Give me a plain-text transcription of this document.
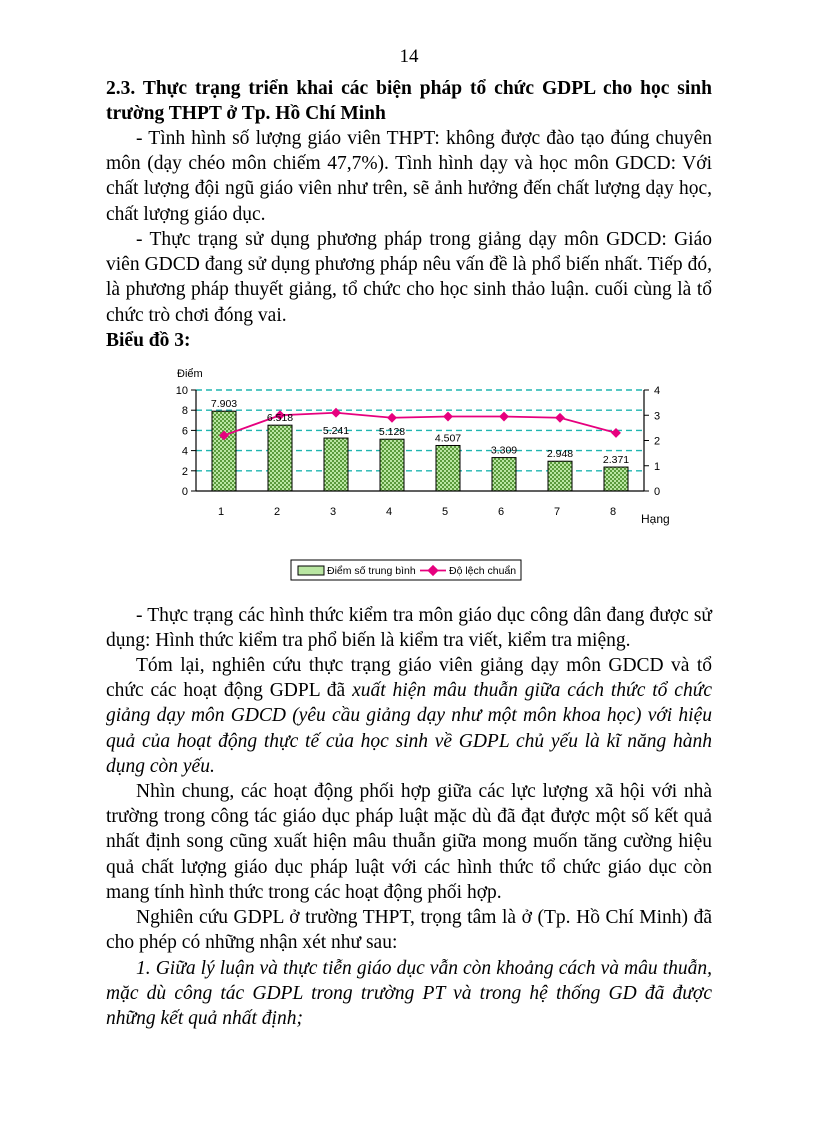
14
2.3. Thực trạng triển khai các biện pháp tổ chức GDPL cho học sinh
trường THPT ở Tp. Hồ Chí Minh

- Tình hình số lượng giáo viên THPT: không được đào tạo đúng chuyên môn (dạy chéo môn chiếm 47,7%). Tình hình dạy và học môn GDCD: Với chất lượng đội ngũ giáo viên như trên, sẽ ảnh hưởng đến chất lượng dạy học, chất lượng giáo dục.

- Thực trạng sử dụng phương pháp trong giảng dạy môn GDCD: Giáo viên GDCD đang sử dụng phương pháp nêu vấn đề là phổ biến nhất. Tiếp đó, là phương pháp thuyết giảng, tổ chức cho học sinh thảo luận. cuối cùng là tổ chức trò chơi đóng vai.

Biểu đồ 3:

- Thực trạng các hình thức kiểm tra môn giáo dục công dân đang được sử dụng: Hình thức kiểm tra phổ biến là kiểm tra viết, kiểm tra miệng.

Tóm lại, nghiên cứu thực trạng giáo viên giảng dạy môn GDCD và tổ chức các hoạt động GDPL đã xuất hiện mâu thuẫn giữa cách thức tổ chức giảng dạy môn GDCD (yêu cầu giảng dạy như một môn khoa học) với hiệu quả của hoạt động thực tế của học sinh về GDPL chủ yếu là kĩ năng hành dụng còn yếu.

Nhìn chung, các hoạt động phối hợp giữa các lực lượng xã hội với nhà trường trong công tác giáo dục pháp luật mặc dù đã đạt được một số kết quả nhất định song cũng xuất hiện mâu thuẫn giữa mong muốn tăng cường hiệu quả chất lượng giáo dục pháp luật với các hình thức tổ chức giáo dục còn mang tính hình thức trong các hoạt động phối hợp.

Nghiên cứu GDPL ở trường THPT, trọng tâm là ở (Tp. Hồ Chí Minh) đã cho phép có những nhận xét như sau:

1. Giữa lý luận và thực tiễn giáo dục vẫn còn khoảng cách và mâu thuẫn, mặc dù công tác GDPL trong trường PT và trong hệ thống GD đã được những kết quả nhất định;

Điểm
0
2
4
6
8
10
0
1
2
3
4
7.903
1
6.518
2
5.241
3
5.128
4
4.507
5
3.309
6
2.948
7
2.371
8 Hạng
Điểm số trung bình	Độ lệch chuẩn
